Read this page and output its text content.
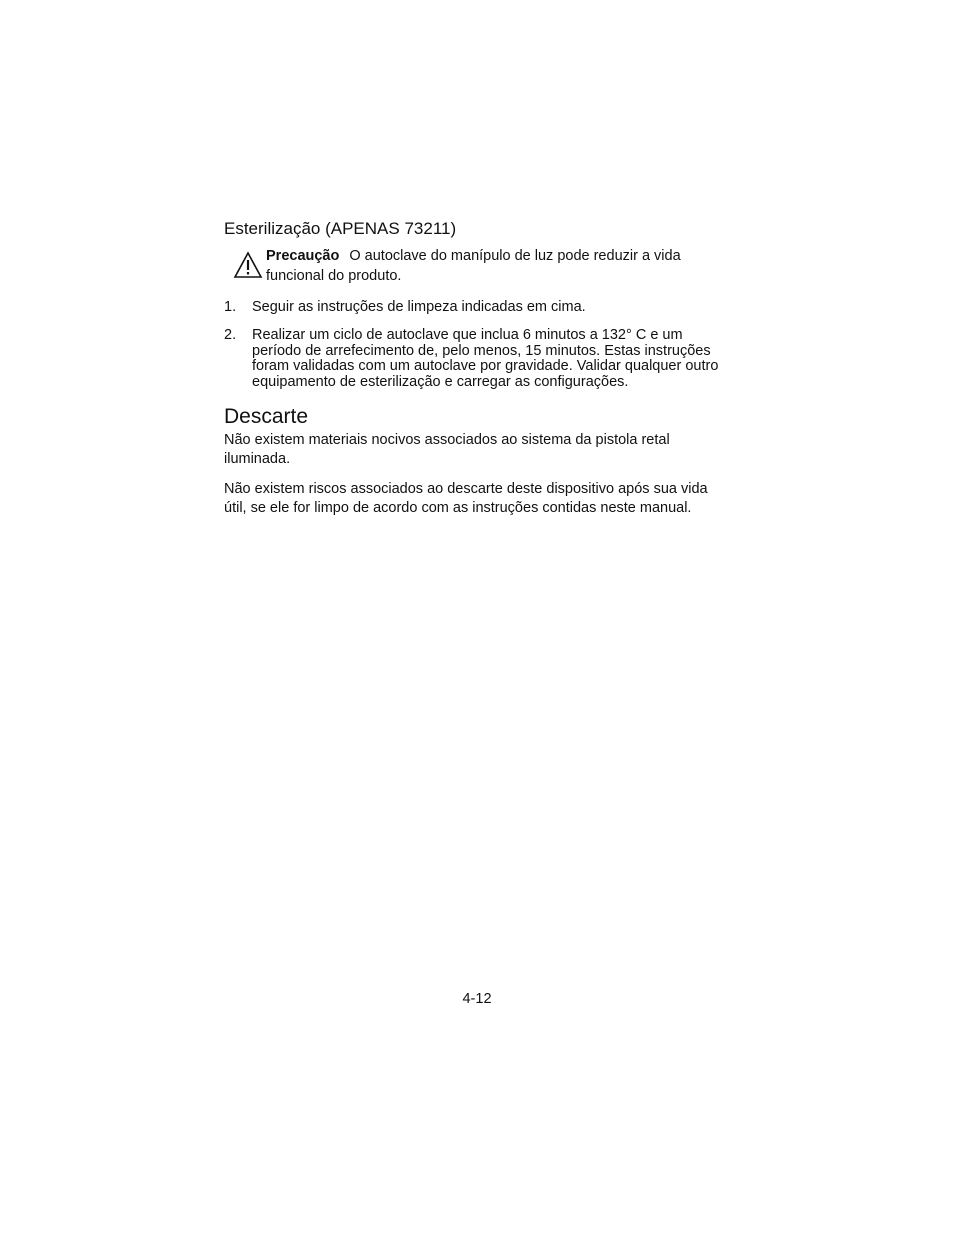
Esterilização (APENAS 73211)
Precaução O autoclave do manípulo de luz pode reduzir a vida funcional do produto.
1. Seguir as instruções de limpeza indicadas em cima.
2. Realizar um ciclo de autoclave que inclua 6 minutos a 132° C e um período de arrefecimento de, pelo menos, 15 minutos. Estas instruções foram validadas com um autoclave por gravidade. Validar qualquer outro equipamento de esterilização e carregar as configurações.
Descarte

Não existem materiais nocivos associados ao sistema da pistola retal iluminada.

Não existem riscos associados ao descarte deste dispositivo após sua vida útil, se ele for limpo de acordo com as instruções contidas neste manual.

4-12
